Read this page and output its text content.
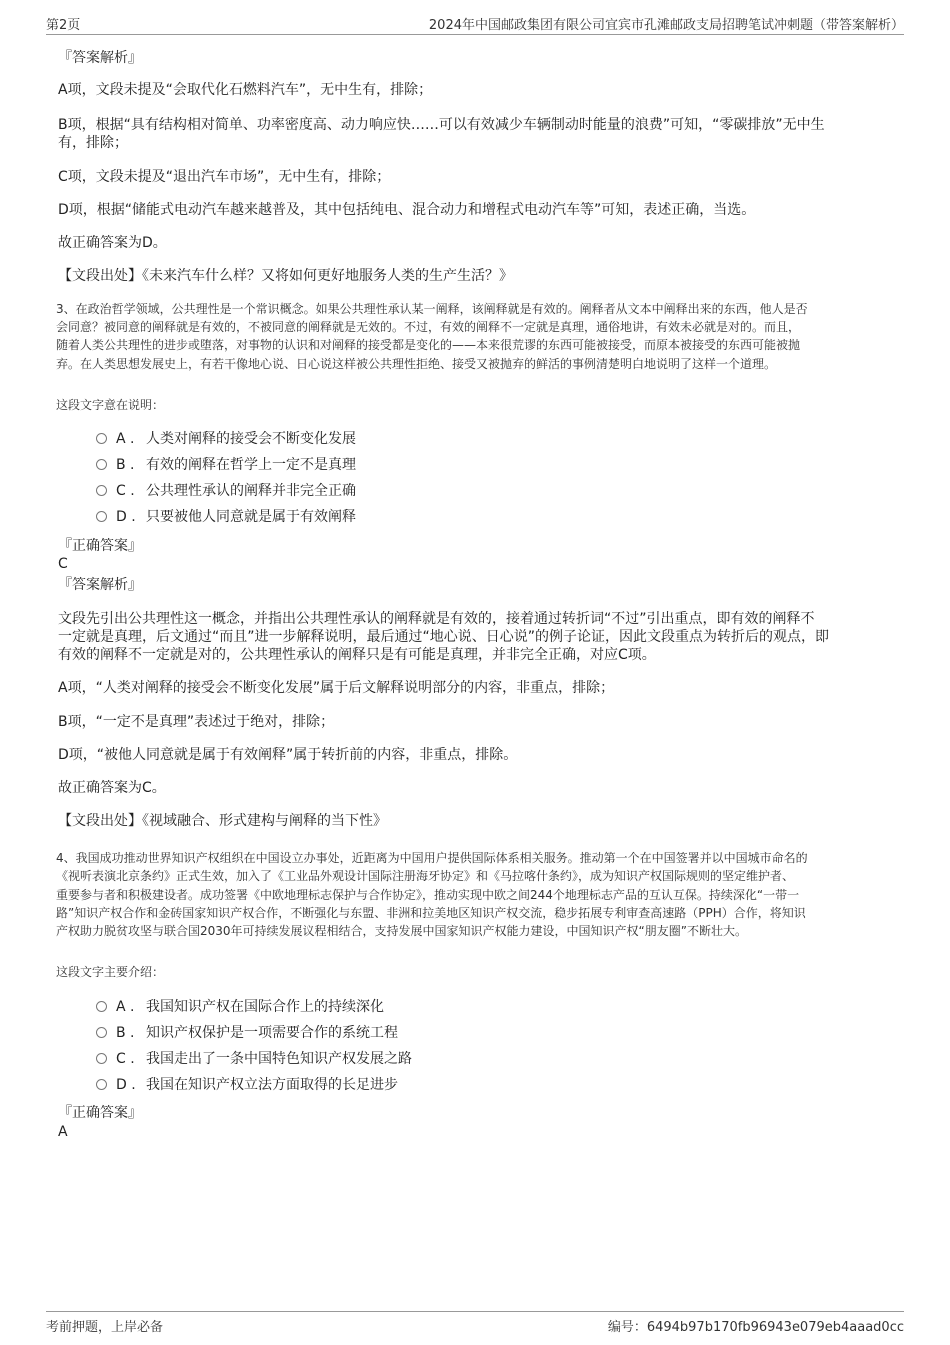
第2页	2024年中国邮政集团有限公司宜宾市孔滩邮政支局招聘笔试冲刺题（带答案解析）
『答案解析』
A项，文段未提及“会取代化石燃料汽车”，无中生有，排除；
B项，根据“具有结构相对简单、功率密度高、动力响应快……可以有效减少车辆制动时能量的浪费”可知，“零碳排放”无中生
有，排除；
C项，文段未提及“退出汽车市场”，无中生有，排除；
D项，根据“储能式电动汽车越来越普及，其中包括纯电、混合动力和增程式电动汽车等”可知，表述正确，当选。
故正确答案为D。
【文段出处】《未来汽车什么样？又将如何更好地服务人类的生产生活？》
3、在政治哲学领域，公共理性是一个常识概念。如果公共理性承认某一阐释，该阐释就是有效的。阐释者从文本中阐释出来的东西，他人是否
会同意？被同意的阐释就是有效的，不被同意的阐释就是无效的。不过，有效的阐释不一定就是真理，通俗地讲，有效未必就是对的。而且，
随着人类公共理性的进步或堕落，对事物的认识和对阐释的接受都是变化的——本来很荒谬的东西可能被接受，而原本被接受的东西可能被抛
弃。在人类思想发展史上，有若干像地心说、日心说这样被公共理性拒绝、接受又被抛弃的鲜活的事例清楚明白地说明了这样一个道理。
这段文字意在说明：
A . 人类对阐释的接受会不断变化发展
B . 有效的阐释在哲学上一定不是真理
C . 公共理性承认的阐释并非完全正确
D . 只要被他人同意就是属于有效阐释
『正确答案』
C
『答案解析』
文段先引出公共理性这一概念，并指出公共理性承认的阐释就是有效的，接着通过转折词“不过”引出重点，即有效的阐释不
一定就是真理，后文通过“而且”进一步解释说明，最后通过“地心说、日心说”的例子论证，因此文段重点为转折后的观点，即
有效的阐释不一定就是对的，公共理性承认的阐释只是有可能是真理，并非完全正确，对应C项。
A项，“人类对阐释的接受会不断变化发展”属于后文解释说明部分的内容，非重点，排除；
B项，“一定不是真理”表述过于绝对，排除；
D项，“被他人同意就是属于有效阐释”属于转折前的内容，非重点，排除。
故正确答案为C。
【文段出处】《视域融合、形式建构与阐释的当下性》
4、我国成功推动世界知识产权组织在中国设立办事处，近距离为中国用户提供国际体系相关服务。推动第一个在中国签署并以中国城市命名的
《视听表演北京条约》正式生效，加入了《工业品外观设计国际注册海牙协定》和《马拉喀什条约》，成为知识产权国际规则的坚定维护者、
重要参与者和积极建设者。成功签署《中欧地理标志保护与合作协定》，推动实现中欧之间244个地理标志产品的互认互保。持续深化“一带一
路”知识产权合作和金砖国家知识产权合作，不断强化与东盟、非洲和拉美地区知识产权交流，稳步拓展专利审查高速路（PPH）合作，将知识
产权助力脱贫攻坚与联合国2030年可持续发展议程相结合，支持发展中国家知识产权能力建设，中国知识产权“朋友圈”不断壮大。
这段文字主要介绍：
A . 我国知识产权在国际合作上的持续深化
B . 知识产权保护是一项需要合作的系统工程
C . 我国走出了一条中国特色知识产权发展之路
D . 我国在知识产权立法方面取得的长足进步
『正确答案』
A
考前押题，上岸必备	编号：6494b97b170fb96943e079eb4aaad0cc
